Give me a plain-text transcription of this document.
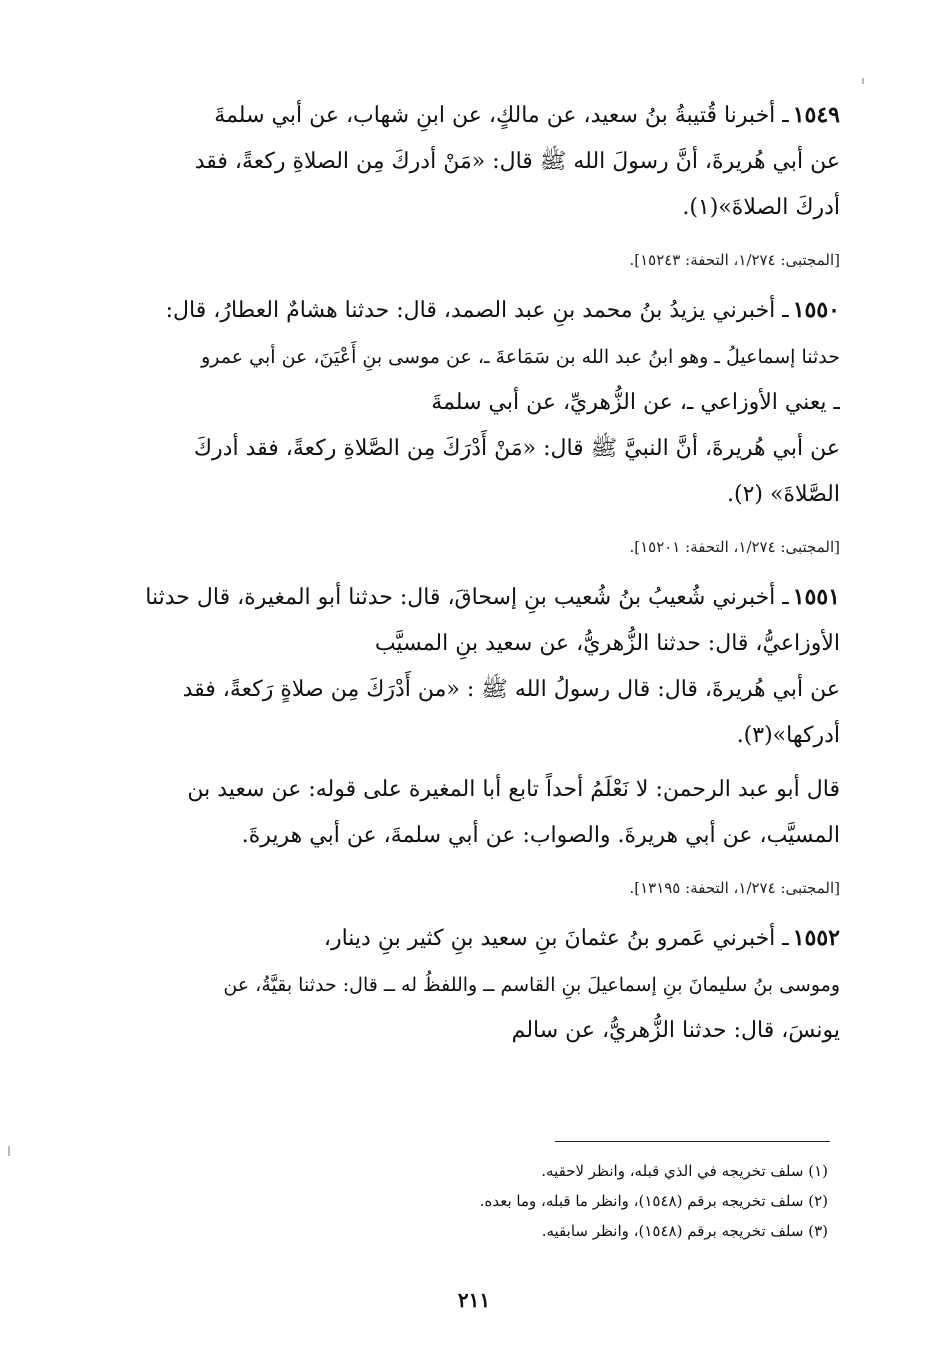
١٥٤٩ـ أخبرنا قُتيبةُ بنُ سعيد، عن مالكٍ، عن ابنِ شهاب، عن أبي سلمةَ
عن أبي هُريرةَ، أنَّ رسولَ الله ﷺ قال: «مَنْ أدركَ مِن الصلاةِ ركعةً، فقد
أدركَ الصلاةَ»(١).
[المجتبى: ١/٢٧٤، التحفة: ١٥٢٤٣].
١٥٥٠ـ أخبرني يزيدُ بنُ محمد بنِ عبد الصمد، قال: حدثنا هشامٌ العطارُ، قال:
حدثنا إسماعيلُ ـ وهو ابنُ عبد الله بن سَمَاعةَ ـ، عن موسى بنِ أَعْيَنَ، عن أبي عمرو
ـ يعني الأوزاعي ـ، عن الزُّهريِّ، عن أبي سلمةَ
عن أبي هُريرةَ، أنَّ النبيَّ ﷺ قال: «مَنْ أَدْرَكَ مِن الصَّلاةِ ركعةً، فقد أدركَ
الصَّلاةَ» (٢).
[المجتبى: ١/٢٧٤، التحفة: ١٥٢٠١].
١٥٥١ـ أخبرني شُعيبُ بنُ شُعيب بنِ إسحاقَ، قال: حدثنا أبو المغيرة، قال حدثنا
الأوزاعيُّ، قال: حدثنا الزُّهريُّ، عن سعيد بنِ المسيَّب
عن أبي هُريرةَ، قال: قال رسولُ الله ﷺ : «من أَدْرَكَ مِن صلاةٍ رَكعةً، فقد
أدركها»(٣).
قال أبو عبد الرحمن: لا نَعْلَمُ أحداً تابع أبا المغيرة على قوله: عن سعيد بن
المسيَّب، عن أبي هريرةَ. والصواب: عن أبي سلمةَ، عن أبي هريرةَ.
[المجتبى: ١/٢٧٤، التحفة: ١٣١٩٥].
١٥٥٢ـ أخبرني عَمرو بنُ عثمانَ بنِ سعيد بنِ كثير بنِ دينار،
وموسى بنُ سليمانَ بنِ إسماعيلَ بنِ القاسم ــ واللفظُ له ــ قال: حدثنا بقيَّةُ، عن
يونسَ، قال: حدثنا الزُّهريُّ، عن سالم
(١) سلف تخريجه في الذي قبله، وانظر لاحقيه.
(٢) سلف تخريجه برقم (١٥٤٨)، وانظر ما قبله، وما بعده.
(٣) سلف تخريجه برقم (١٥٤٨)، وانظر سابقيه.
٢١١
